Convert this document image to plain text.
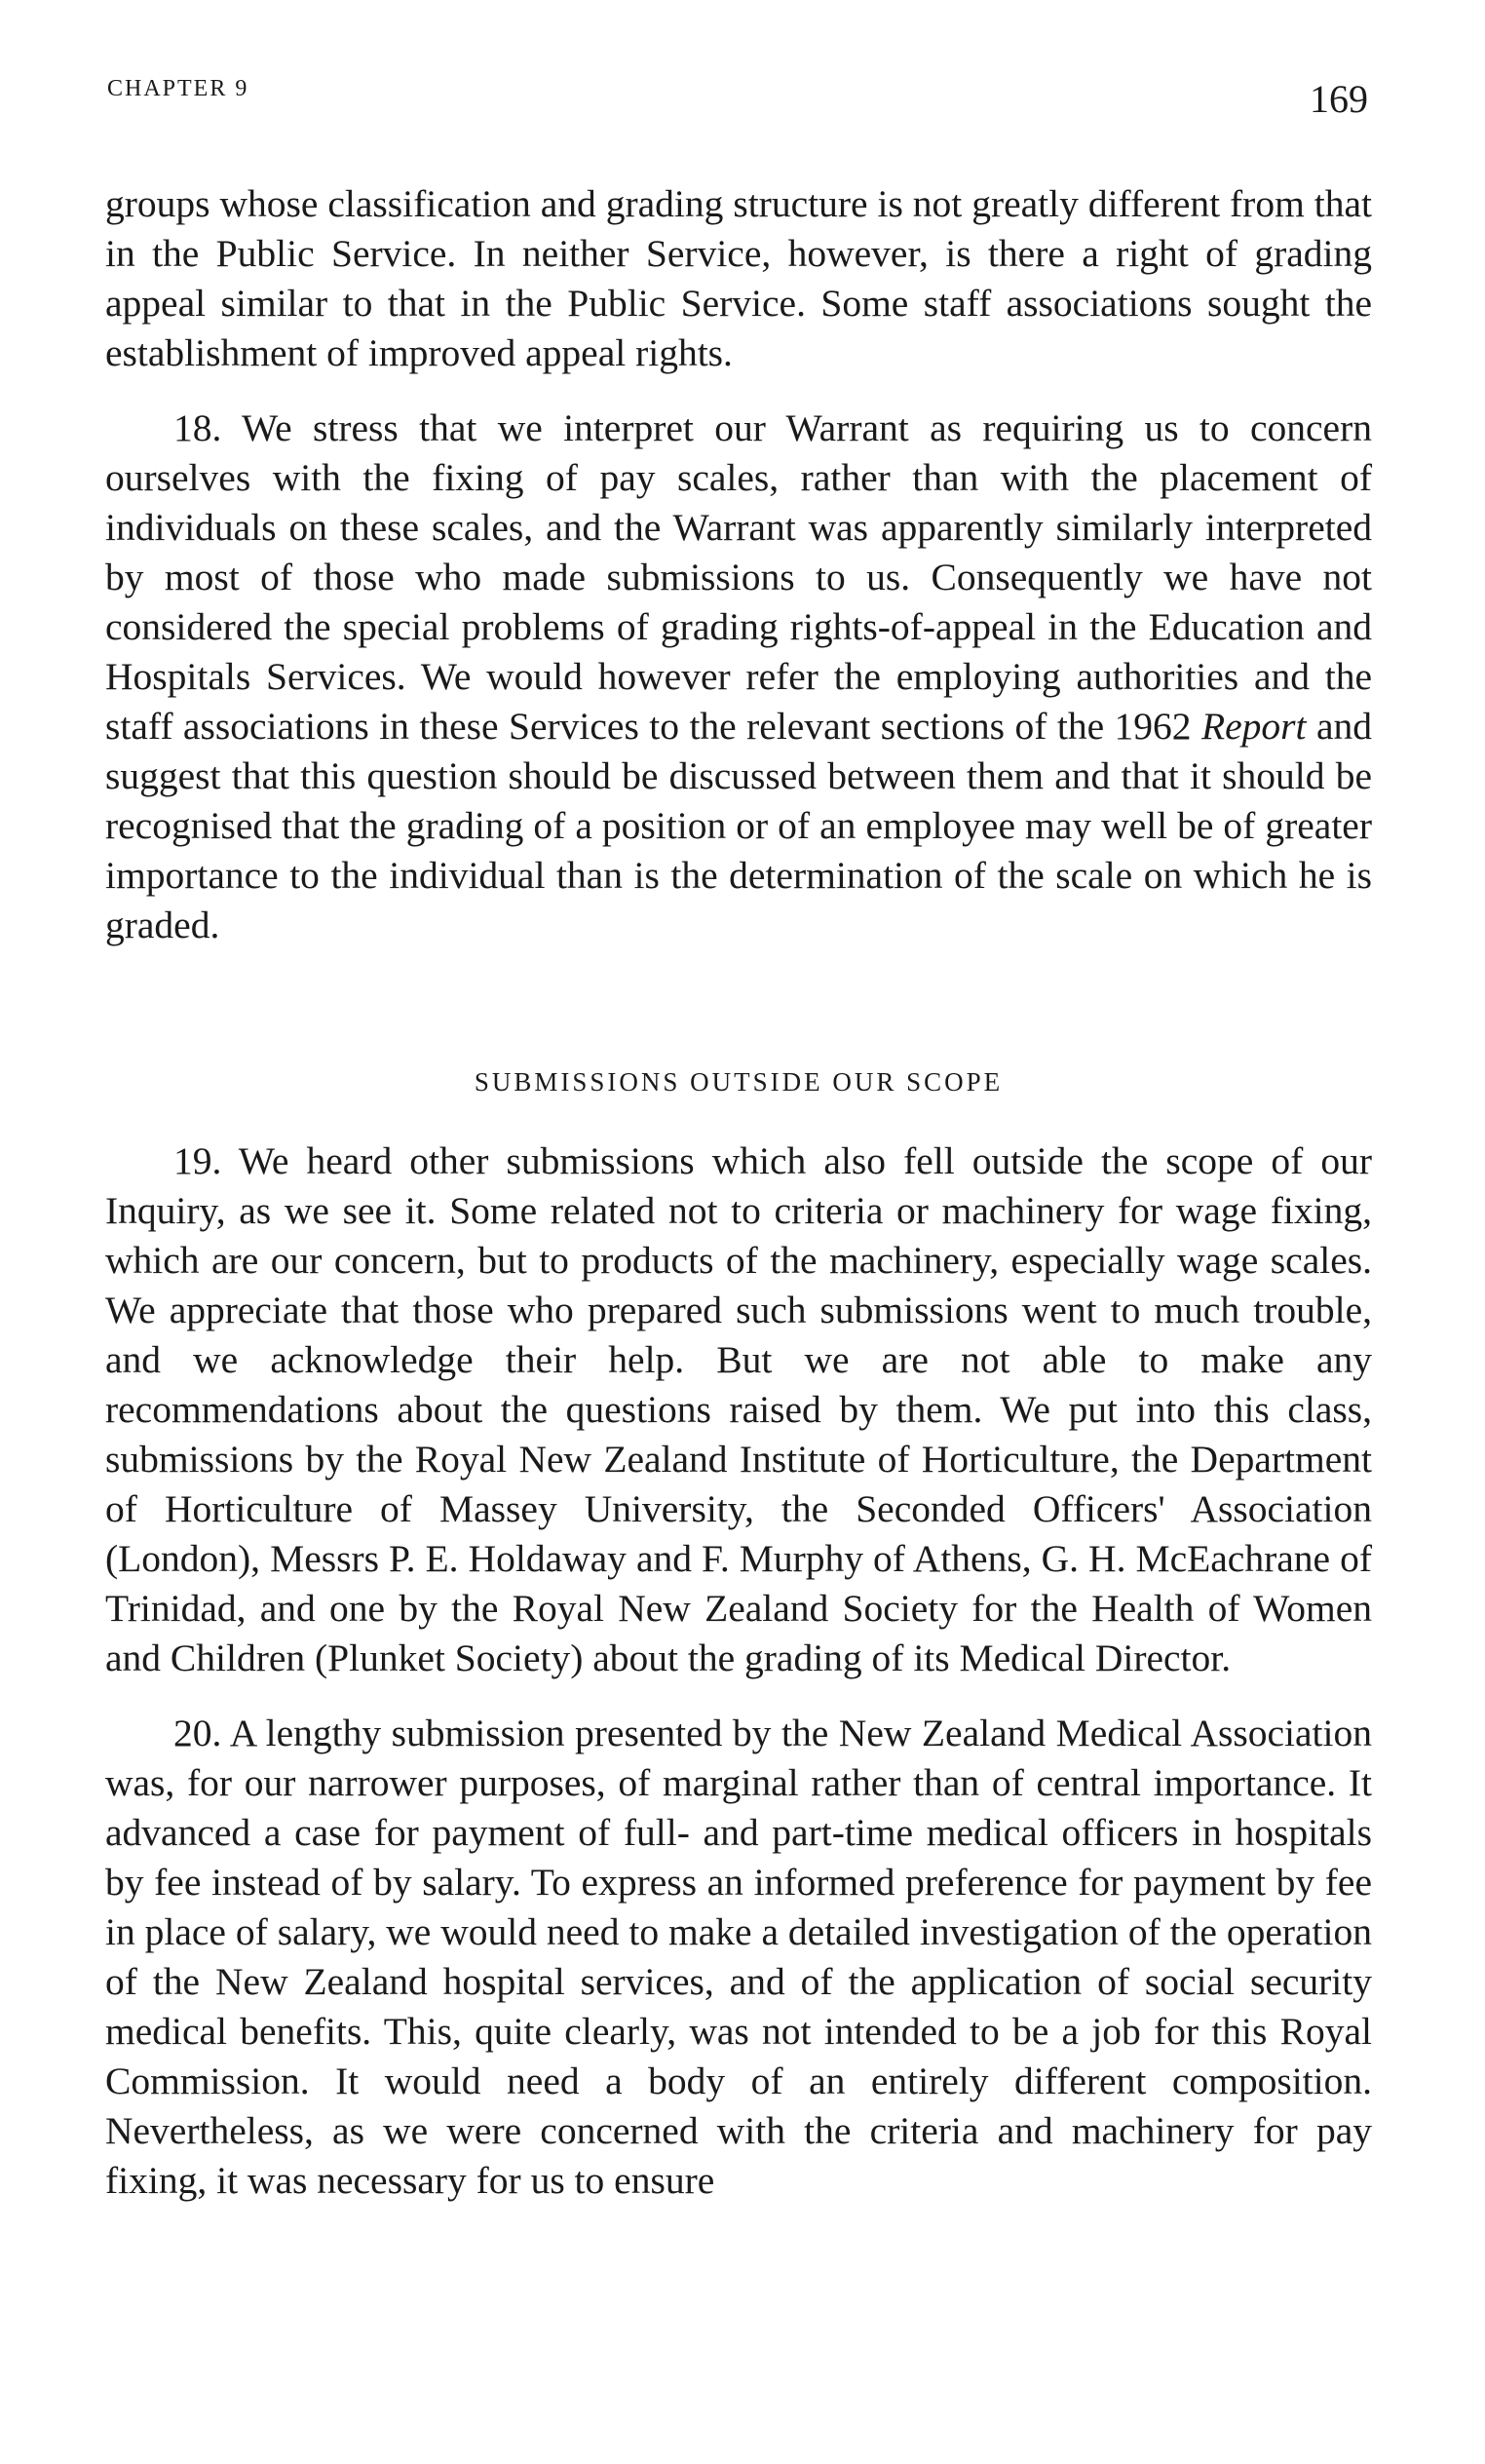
CHAPTER 9	169

groups whose classification and grading structure is not greatly different from that in the Public Service. In neither Service, however, is there a right of grading appeal similar to that in the Public Service. Some staff associations sought the establishment of improved appeal rights.

18. We stress that we interpret our Warrant as requiring us to concern ourselves with the fixing of pay scales, rather than with the placement of individuals on these scales, and the Warrant was apparently similarly interpreted by most of those who made submissions to us. Consequently we have not considered the special problems of grading rights-of-appeal in the Education and Hospitals Services. We would however refer the employing authorities and the staff associations in these Services to the relevant sections of the 1962 Report and suggest that this question should be discussed between them and that it should be recognised that the grading of a position or of an employee may well be of greater importance to the individual than is the determination of the scale on which he is graded.

SUBMISSIONS OUTSIDE OUR SCOPE

19. We heard other submissions which also fell outside the scope of our Inquiry, as we see it. Some related not to criteria or machinery for wage fixing, which are our concern, but to products of the machinery, especially wage scales. We appreciate that those who prepared such submissions went to much trouble, and we acknowledge their help. But we are not able to make any recommendations about the questions raised by them. We put into this class, submissions by the Royal New Zealand Institute of Horticulture, the Department of Horticulture of Massey University, the Seconded Officers' Association (London), Messrs P. E. Holdaway and F. Murphy of Athens, G. H. McEachrane of Trinidad, and one by the Royal New Zealand Society for the Health of Women and Children (Plunket Society) about the grading of its Medical Director.

20. A lengthy submission presented by the New Zealand Medical Association was, for our narrower purposes, of marginal rather than of central importance. It advanced a case for payment of full- and part-time medical officers in hospitals by fee instead of by salary. To express an informed preference for payment by fee in place of salary, we would need to make a detailed investigation of the operation of the New Zealand hospital services, and of the application of social security medical benefits. This, quite clearly, was not intended to be a job for this Royal Commission. It would need a body of an entirely different composition. Nevertheless, as we were concerned with the criteria and machinery for pay fixing, it was necessary for us to ensure
